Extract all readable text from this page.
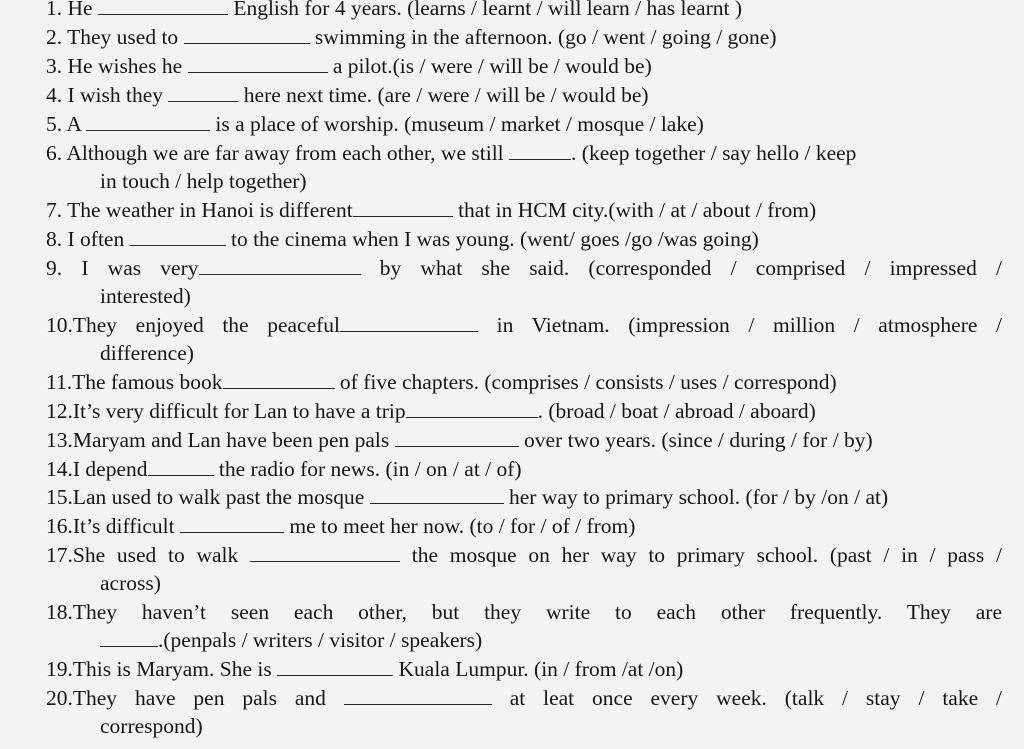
1. He	English for 4 years. (learns / learnt / will learn / has learnt )
2. They used to	swimming in the afternoon. (go / went / going / gone)
3. He wishes he	a pilot.(is / were / will be / would be)
4. I wish they	here next time. (are / were / will be / would be)
5. A	is a place of worship. (museum / market / mosque / lake)
6. Although we are far away from each other, we still	. (keep together / say hello / keep
in touch / help together)
7. The weather in Hanoi is different	that in HCM city.(with / at / about / from)
8. I often	to the cinema when I was young. (went/ goes /go /was going)
9. I was very	by what she said. (corresponded / comprised / impressed /
interested)
10.They enjoyed the peaceful	in Vietnam. (impression / million / atmosphere /
difference)
11.The famous book	of five chapters. (comprises / consists / uses / correspond)
12.It’s very difficult for Lan to have a trip	. (broad / boat / abroad / aboard)
13.Maryam and Lan have been pen pals	over two years. (since / during / for / by)
14.I depend	the radio for news. (in / on / at / of)
15.Lan used to walk past the mosque	her way to primary school. (for / by /on / at)
16.It’s difficult	me to meet her now. (to / for / of / from)
17.She used to walk	the mosque on her way to primary school. (past / in / pass /
across)
18.They haven’t seen each other, but they write to each other frequently. They are
.(penpals / writers / visitor / speakers)
19.This is Maryam. She is	Kuala Lumpur. (in / from /at /on)
20.They have pen pals and	at leat once every week. (talk / stay / take /
correspond)
